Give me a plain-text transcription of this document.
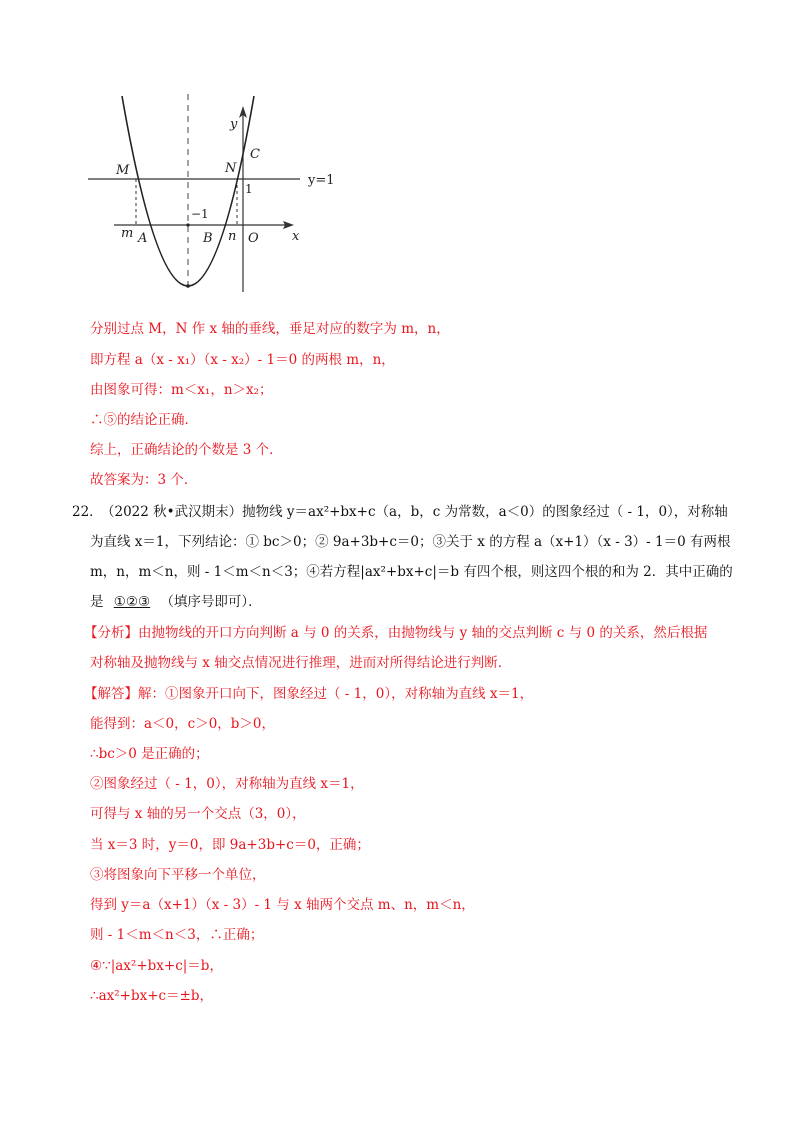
y
C
N
M
y=1
1
−1
x
m A	B n O
分别过点 M，N 作 x 轴的垂线，垂足对应的数字为 m，n，
即方程 a（x - x₁）（x - x₂）- 1＝0 的两根 m，n，
由图象可得：m＜x₁，n＞x₂；
∴⑤的结论正确．
综上，正确结论的个数是 3 个．
故答案为：3 个．
22．
（2022 秋•武汉期末）抛物线 y＝ax²+bx+c（a，b，c 为常数，a＜0）的图象经过（ - 1，0），对称轴
为直线 x＝1，下列结论：① bc＞0；② 9a+3b+c＝0；③关于 x 的方程 a（x+1）（x - 3）- 1＝0 有两根
m，n，m＜n，则 - 1＜m＜n＜3；④若方程|ax²+bx+c|＝b 有四个根，则这四个根的和为 2．其中正确的
是 ①②③ （填序号即可）．
【分析】由抛物线的开口方向判断 a 与 0 的关系，由抛物线与 y 轴的交点判断 c 与 0 的关系，然后根据
对称轴及抛物线与 x 轴交点情况进行推理，进而对所得结论进行判断．
【解答】解：①图象开口向下，图象经过（ - 1，0），对称轴为直线 x＝1，
能得到：a＜0，c＞0，b＞0，
∴bc＞0 是正确的；
②图象经过（ - 1，0），对称轴为直线 x＝1，
可得与 x 轴的另一个交点（3，0），
当 x＝3 时，y＝0，即 9a+3b+c＝0，正确；
③将图象向下平移一个单位，
得到 y＝a（x+1）（x - 3）- 1 与 x 轴两个交点 m、n，m＜n，
则 - 1＜m＜n＜3，∴正确；
④∵|ax²+bx+c|＝b，
∴ax²+bx+c＝±b，
